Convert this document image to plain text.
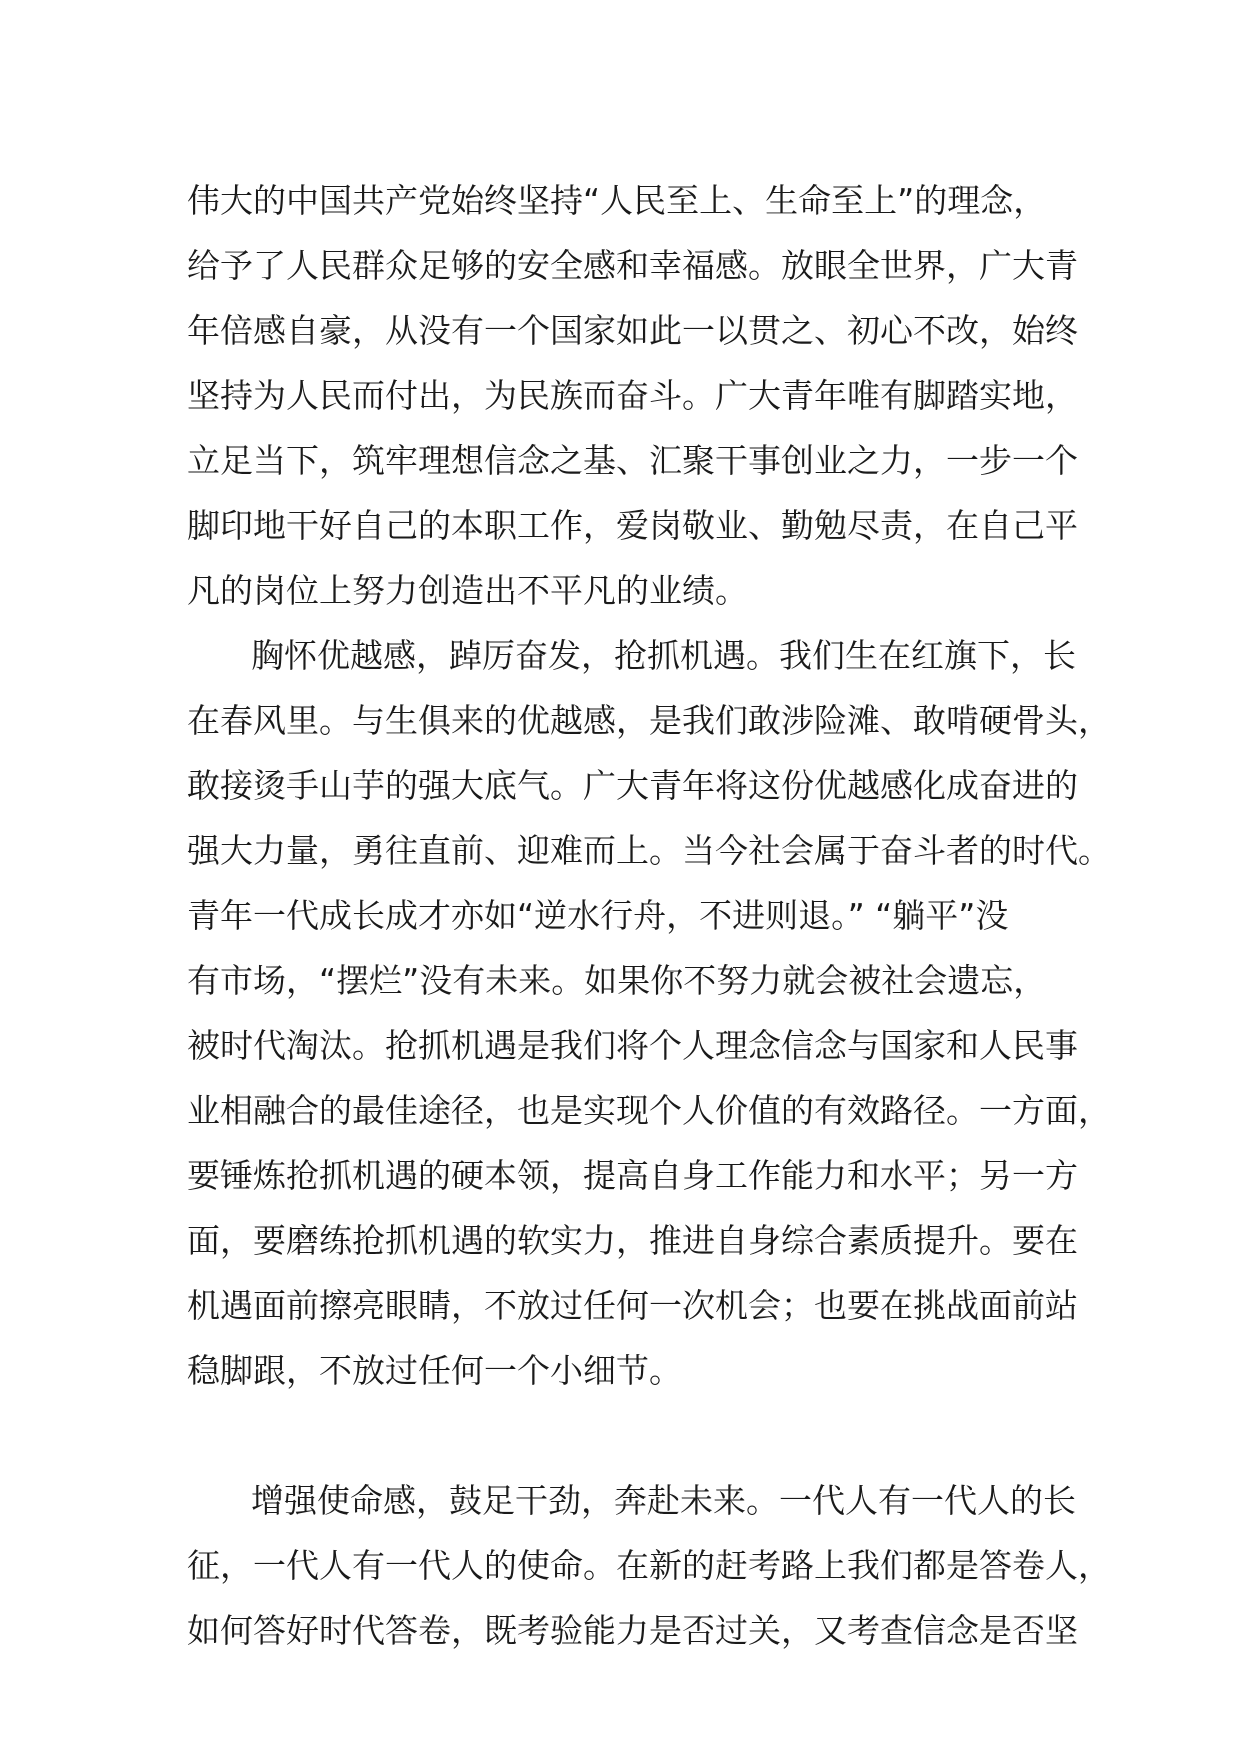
伟大的中国共产党始终坚持“人民至上、生命至上”的理念，
给予了人民群众足够的安全感和幸福感。放眼全世界，广大青
年倍感自豪，从没有一个国家如此一以贯之、初心不改，始终
坚持为人民而付出，为民族而奋斗。广大青年唯有脚踏实地，
立足当下，筑牢理想信念之基、汇聚干事创业之力，一步一个
脚印地干好自己的本职工作，爱岗敬业、勤勉尽责，在自己平
凡的岗位上努力创造出不平凡的业绩。
胸怀优越感，踔厉奋发，抢抓机遇。我们生在红旗下，长
在春风里。与生俱来的优越感，是我们敢涉险滩、敢啃硬骨头，
敢接烫手山芋的强大底气。广大青年将这份优越感化成奋进的
强大力量，勇往直前、迎难而上。当今社会属于奋斗者的时代。
青年一代成长成才亦如“逆水行舟，不进则退。” “躺平”没
有市场，“摆烂”没有未来。如果你不努力就会被社会遗忘，
被时代淘汰。抢抓机遇是我们将个人理念信念与国家和人民事
业相融合的最佳途径，也是实现个人价值的有效路径。一方面，
要锤炼抢抓机遇的硬本领，提高自身工作能力和水平；另一方
面，要磨练抢抓机遇的软实力，推进自身综合素质提升。要在
机遇面前擦亮眼睛，不放过任何一次机会；也要在挑战面前站
稳脚跟，不放过任何一个小细节。
增强使命感，鼓足干劲，奔赴未来。一代人有一代人的长
征，一代人有一代人的使命。在新的赶考路上我们都是答卷人，
如何答好时代答卷，既考验能力是否过关，又考查信念是否坚
